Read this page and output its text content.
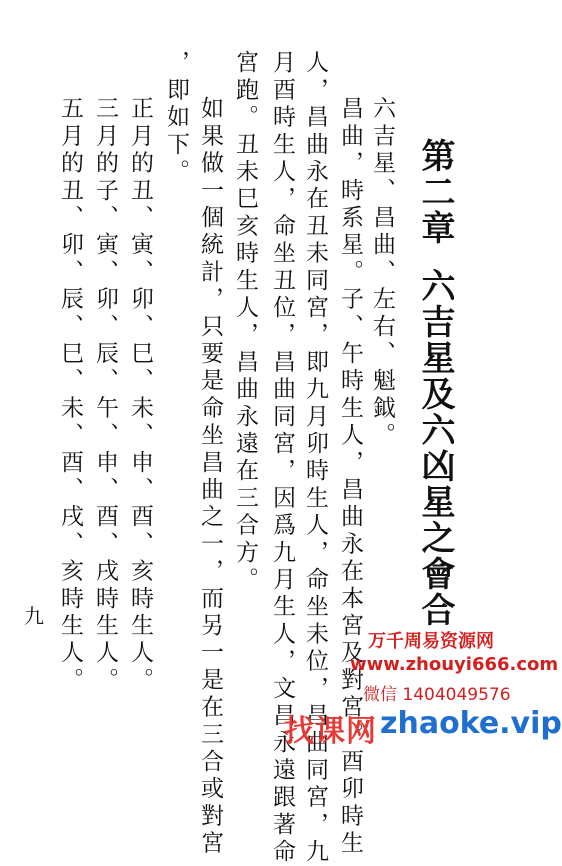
第二章六吉星及六凶星之會合
六吉星、昌曲、左右、魁鉞。
昌曲，時系星。子、午時生人，昌曲永在本宮及對宮。酉卯時生
人，昌曲永在丑未同宮，即九月卯時生人，命坐未位，昌曲同宮，九
月酉時生人，命坐丑位，昌曲同宮，因爲九月生人，文昌永遠跟著命
宮跑。丑未巳亥時生人，昌曲永遠在三合方。
如果做一個統計，只要是命坐昌曲之一，而另一是在三合或對宮
，即如下。
正月的丑、寅、卯、巳、未、申、酉、亥時生人。
三月的子、寅、卯、辰、午、申、酉、戌時生人。
五月的丑、卯、辰、巳、未、酉、戌、亥時生人。
九
万千周易资源网
www.zhouyi666.com
微信 1404049576
找课网 zhaoke.vip
